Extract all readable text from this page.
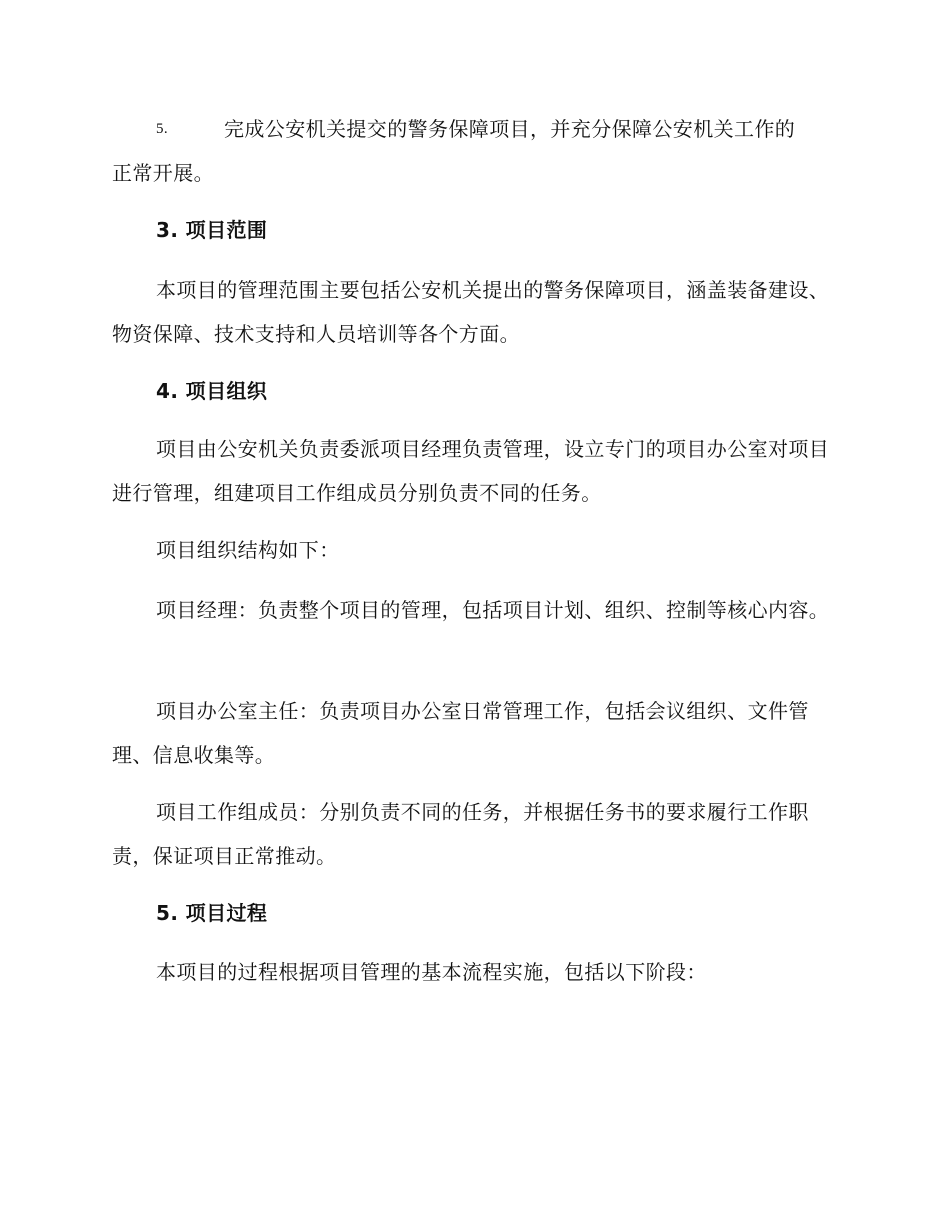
5.	完成公安机关提交的警务保障项目，并充分保障公安机关工作的
正常开展。
3. 项目范围

本项目的管理范围主要包括公安机关提出的警务保障项目，涵盖装备建设、物资保障、技术支持和人员培训等各个方面。

4. 项目组织

项目由公安机关负责委派项目经理负责管理，设立专门的项目办公室对项目进行管理，组建项目工作组成员分别负责不同的任务。

项目组织结构如下：

项目经理：负责整个项目的管理，包括项目计划、组织、控制等核心内容。

项目办公室主任：负责项目办公室日常管理工作，包括会议组织、文件管理、信息收集等。

项目工作组成员：分别负责不同的任务，并根据任务书的要求履行工作职责，保证项目正常推动。

5. 项目过程

本项目的过程根据项目管理的基本流程实施，包括以下阶段：
